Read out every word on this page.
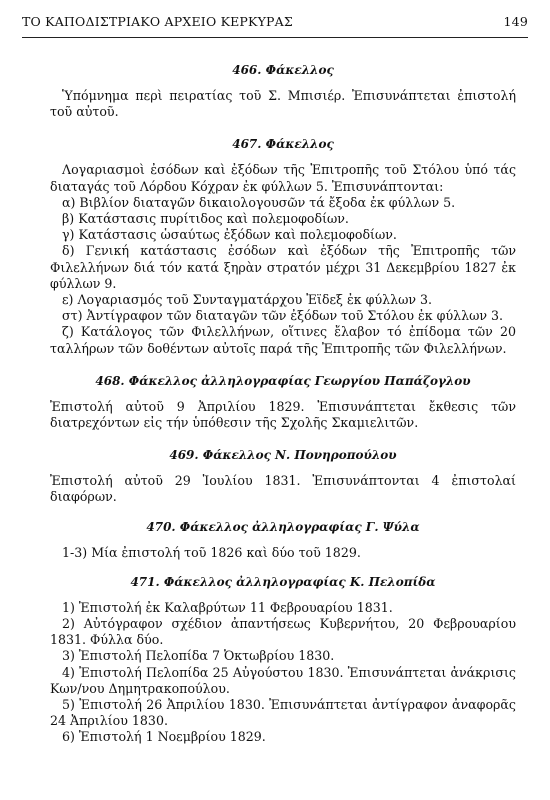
ΤΟ ΚΑΠΟΔΙΣΤΡΙΑΚΟ ΑΡΧΕΙΟ ΚΕΡΚΥΡΑΣ	149
466. Φάκελλος
Ὑπόμνημα περὶ πειρατίας τοῦ Σ. Μπισιέρ. Ἐπισυνάπτεται ἐπιστολή τοῦ αὐτοῦ.
467. Φάκελλος
Λογαριασμοὶ ἐσόδων καὶ ἐξόδων τῆς Ἐπιτροπῆς τοῦ Στόλου ὑπό τάς διαταγάς τοῦ Λόρδου Κόχραν ἐκ φύλλων 5. Ἐπισυνάπτονται:
α) Βιβλίον διαταγῶν δικαιολογουσῶν τά ἔξοδα ἐκ φύλλων 5.
β) Κατάστασις πυρίτιδος καὶ πολεμοφοδίων.
γ) Κατάστασις ὡσαύτως ἐξόδων καὶ πολεμοφοδίων.
δ) Γενική κατάστασις ἐσόδων καὶ ἐξόδων τῆς Ἐπιτροπῆς τῶν Φιλελλήνων διά τόν κατά ξηρὰν στρατόν μέχρι 31 Δεκεμβρίου 1827 ἐκ φύλλων 9.
ε) Λογαριασμός τοῦ Συνταγματάρχου Ἐϊδεξ ἐκ φύλλων 3.
στ) Ἀντίγραφον τῶν διαταγῶν τῶν ἐξόδων τοῦ Στόλου ἐκ φύλλων 3.
ζ) Κατάλογος τῶν Φιλελλήνων, οἵτινες ἔλαβον τό ἐπίδομα τῶν 20 ταλλήρων τῶν δοθέντων αὐτοῖς παρά τῆς Ἐπιτροπῆς τῶν Φιλελλήνων.
468. Φάκελλος ἀλληλογραφίας Γεωργίου Παπάζογλου
Ἐπιστολή αὐτοῦ 9 Ἀπριλίου 1829. Ἐπισυνάπτεται ἔκθεσις τῶν διατρεχόντων εἰς τήν ὑπόθεσιν τῆς Σχολῆς Σκαμιελιτῶν.
469. Φάκελλος Ν. Πονηροπούλου
Ἐπιστολή αὐτοῦ 29 Ἰουλίου 1831. Ἐπισυνάπτονται 4 ἐπιστολαί διαφόρων.
470. Φάκελλος ἀλληλογραφίας Γ. Ψύλα
1-3) Μία ἐπιστολή τοῦ 1826 καὶ δύο τοῦ 1829.
471. Φάκελλος ἀλληλογραφίας Κ. Πελοπίδα
1) Ἐπιστολή ἐκ Καλαβρύτων 11 Φεβρουαρίου 1831.
2) Αὐτόγραφον σχέδιον ἀπαντήσεως Κυβερνήτου, 20 Φεβρουαρίου 1831. Φύλλα δύο.
3) Ἐπιστολή Πελοπίδα 7 Ὀκτωβρίου 1830.
4) Ἐπιστολή Πελοπίδα 25 Αὐγούστου 1830. Ἐπισυνάπτεται ἀνάκρισις Κων/νου Δημητρακοπούλου.
5) Ἐπιστολή 26 Ἀπριλίου 1830. Ἐπισυνάπτεται ἀντίγραφον ἀναφορᾶς 24 Ἀπριλίου 1830.
6) Ἐπιστολή 1 Νοεμβρίου 1829.
